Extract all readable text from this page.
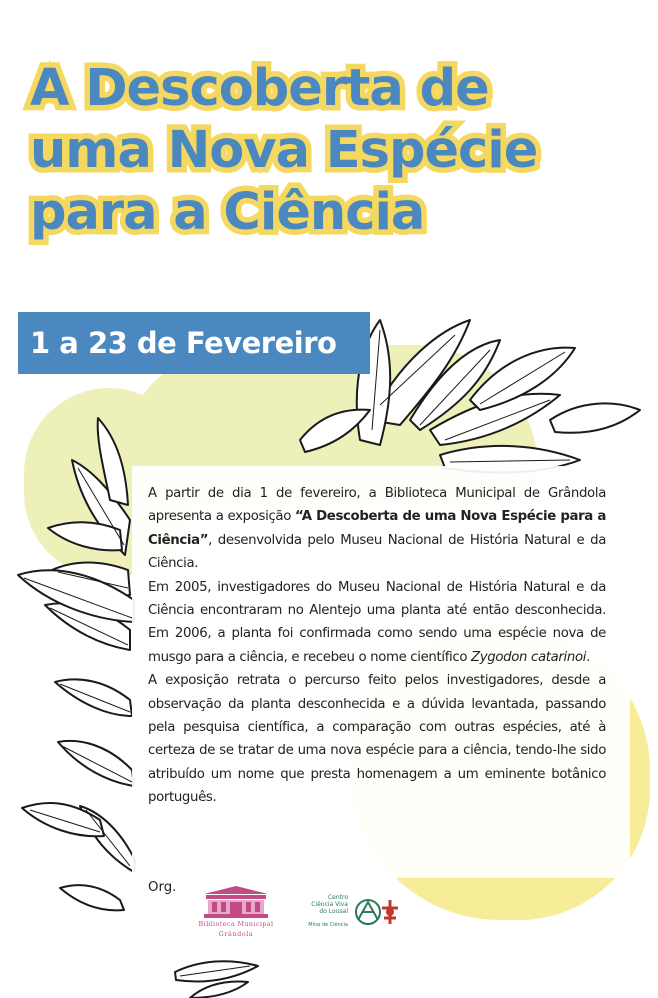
A Descoberta de
uma Nova Espécie
para a Ciência

1 a 23 de Fevereiro

A partir de dia 1 de fevereiro, a Biblioteca Municipal de Grândola apresenta a exposição “A Descoberta de uma Nova Espécie para a Ciência”, desenvolvida pelo Museu Nacional de História Natural e da Ciência.

Em 2005, investigadores do Museu Nacional de História Natural e da Ciência encontraram no Alentejo uma planta até então desconhecida. Em 2006, a planta foi confirmada como sendo uma espécie nova de musgo para a ciência, e recebeu o nome científico Zygodon catarinoi.

A exposição retrata o percurso feito pelos investigadores, desde a observação da planta desconhecida e a dúvida levantada, passando pela pesquisa científica, a comparação com outras espécies, até à certeza de se tratar de uma nova espécie para a ciência, tendo-lhe sido atribuído um nome que presta homenagem a um eminente botânico português.

Org.

Biblioteca Municipal
Grândola
Centro
Ciência Viva
do Lousal
Mina de Ciência
